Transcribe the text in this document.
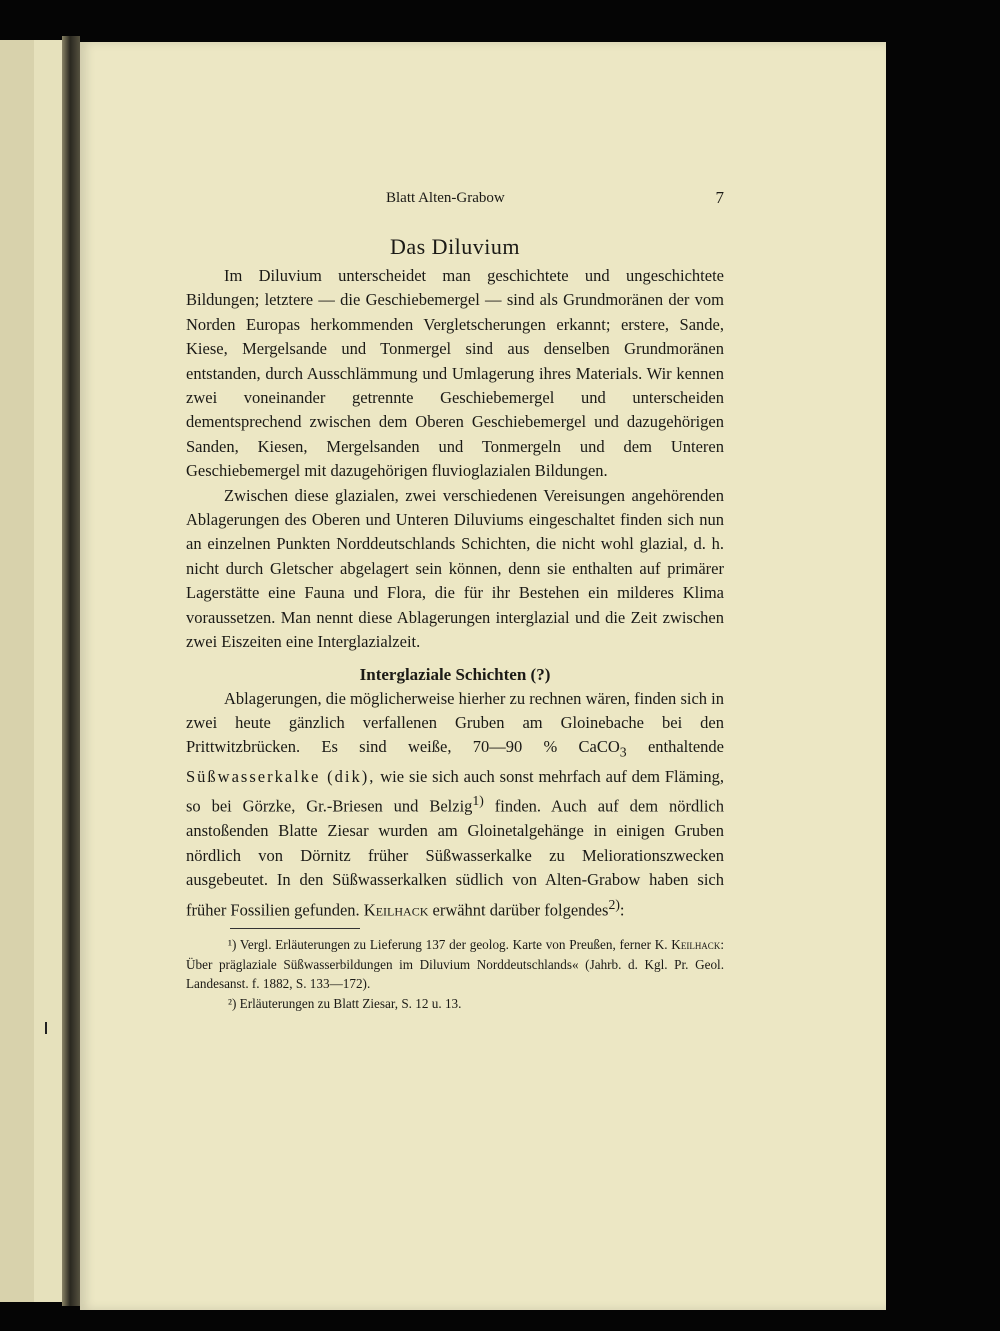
Blatt Alten-Grabow	7
Das Diluvium

Im Diluvium unterscheidet man geschichtete und ungeschichtete Bildungen; letztere — die Geschiebemergel — sind als Grundmoränen der vom Norden Europas herkommenden Vergletscherungen erkannt; erstere, Sande, Kiese, Mergelsande und Tonmergel sind aus denselben Grundmoränen entstanden, durch Ausschlämmung und Umlagerung ihres Materials. Wir kennen zwei voneinander getrennte Geschiebemergel und unterscheiden dementsprechend zwischen dem Oberen Geschiebemergel und dazugehörigen Sanden, Kiesen, Mergelsanden und Tonmergeln und dem Unteren Geschiebemergel mit dazugehörigen fluvioglazialen Bildungen.

Zwischen diese glazialen, zwei verschiedenen Vereisungen angehörenden Ablagerungen des Oberen und Unteren Diluviums eingeschaltet finden sich nun an einzelnen Punkten Norddeutschlands Schichten, die nicht wohl glazial, d. h. nicht durch Gletscher abgelagert sein können, denn sie enthalten auf primärer Lagerstätte eine Fauna und Flora, die für ihr Bestehen ein milderes Klima voraussetzen. Man nennt diese Ablagerungen interglazial und die Zeit zwischen zwei Eiszeiten eine Interglazialzeit.

Interglaziale Schichten (?)

Ablagerungen, die möglicherweise hierher zu rechnen wären, finden sich in zwei heute gänzlich verfallenen Gruben am Gloinebache bei den Prittwitzbrücken. Es sind weiße, 70—90 % CaCO$_3$ enthaltende Süßwasserkalke (dik), wie sie sich auch sonst mehrfach auf dem Fläming, so bei Görzke, Gr.-Briesen und Belzig$^{1)}$ finden. Auch auf dem nördlich anstoßenden Blatte Ziesar wurden am Gloinetalgehänge in einigen Gruben nördlich von Dörnitz früher Süßwasserkalke zu Meliorationszwecken ausgebeutet. In den Süßwasserkalken südlich von Alten-Grabow haben sich früher Fossilien gefunden. Keilhack erwähnt darüber folgendes$^{2)}$:

¹) Vergl. Erläuterungen zu Lieferung 137 der geolog. Karte von Preußen, ferner K. Keilhack: Über präglaziale Süßwasserbildungen im Diluvium Norddeutschlands« (Jahrb. d. Kgl. Pr. Geol. Landesanst. f. 1882, S. 133—172).

²) Erläuterungen zu Blatt Ziesar, S. 12 u. 13.
